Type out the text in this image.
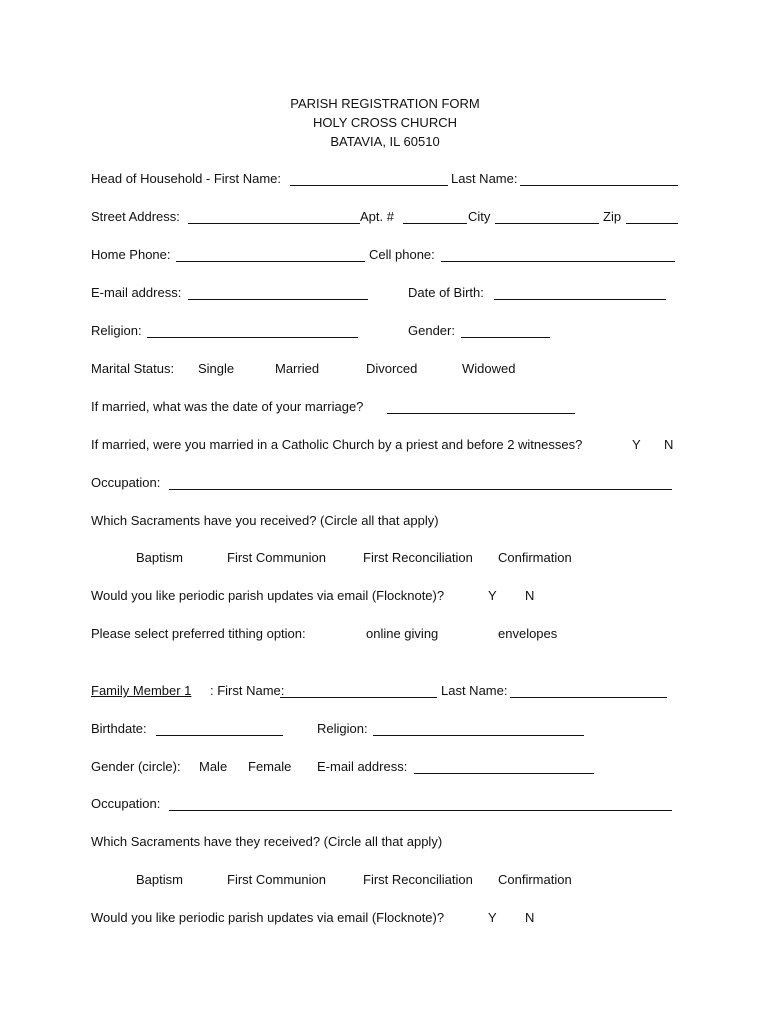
PARISH REGISTRATION FORM
HOLY CROSS CHURCH
BATAVIA, IL 60510
Head of Household - First Name:	Last Name:
Street Address:	Apt. #	City	Zip
Home Phone:	Cell phone:
E-mail address:	Date of Birth:
Religion:	Gender:
Marital Status: Single	Married	Divorced	Widowed
If married, what was the date of your marriage?
If married, were you married in a Catholic Church by a priest and before 2 witnesses?	Y N
Occupation:
Which Sacraments have you received? (Circle all that apply)
Baptism	First Communion	First Reconciliation Confirmation
Would you like periodic parish updates via email (Flocknote)?	Y N
Please select preferred tithing option:	online giving	envelopes
Family Member 1 : First Name:	Last Name:
Birthdate:	Religion:
Gender (circle): Male Female E-mail address:
Occupation:
Which Sacraments have they received? (Circle all that apply)
Baptism	First Communion	First Reconciliation Confirmation
Would you like periodic parish updates via email (Flocknote)?	Y N
